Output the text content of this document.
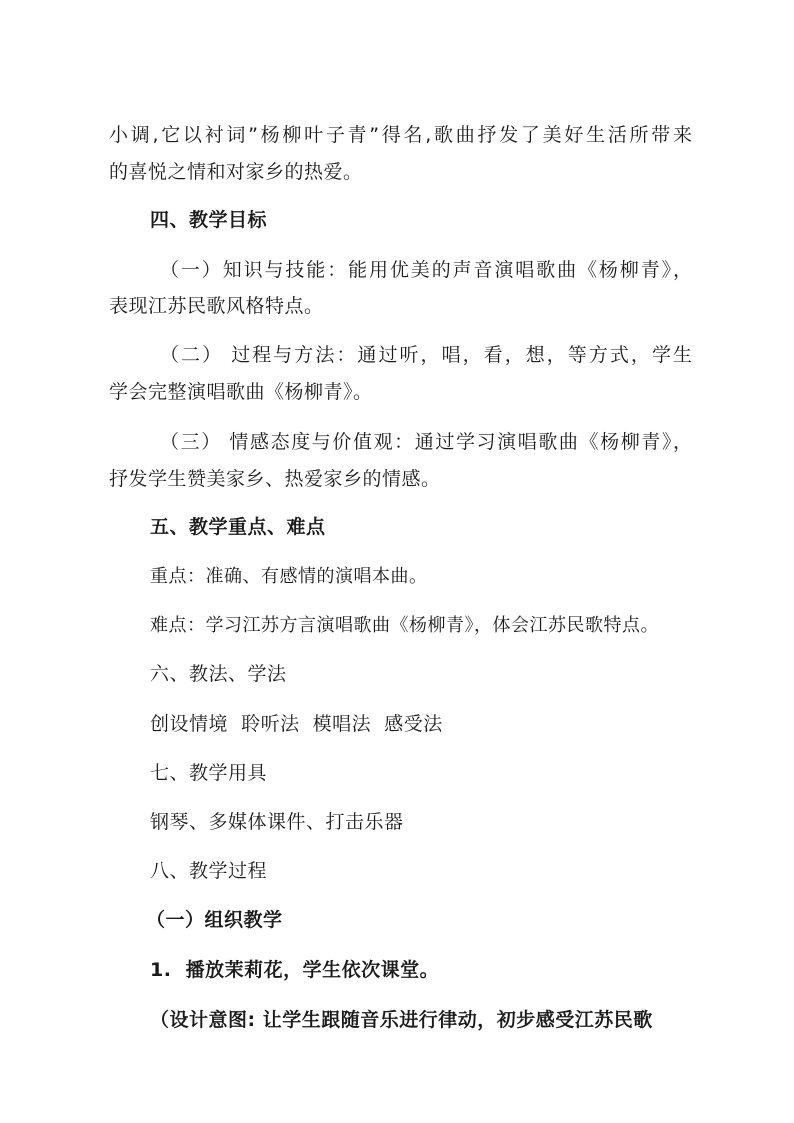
小调,它以衬词”杨柳叶子青”得名,歌曲抒发了美好生活所带来
的喜悦之情和对家乡的热爱。
四、教学目标
（一）知识与技能：能用优美的声音演唱歌曲《杨柳青》，
表现江苏民歌风格特点。
（二） 过程与方法：通过听，唱，看，想，等方式，学生
学会完整演唱歌曲《杨柳青》。
（三） 情感态度与价值观：通过学习演唱歌曲《杨柳青》，
抒发学生赞美家乡、热爱家乡的情感。
五、教学重点、难点
重点：准确、有感情的演唱本曲。
难点：学习江苏方言演唱歌曲《杨柳青》，体会江苏民歌特点。
六、教法、学法
创设情境  聆听法  模唱法  感受法
七、教学用具
钢琴、多媒体课件、打击乐器
八、教学过程
（一）组织教学
1.  播放茉莉花，学生依次课堂。
（设计意图: 让学生跟随音乐进行律动，初步感受江苏民歌
